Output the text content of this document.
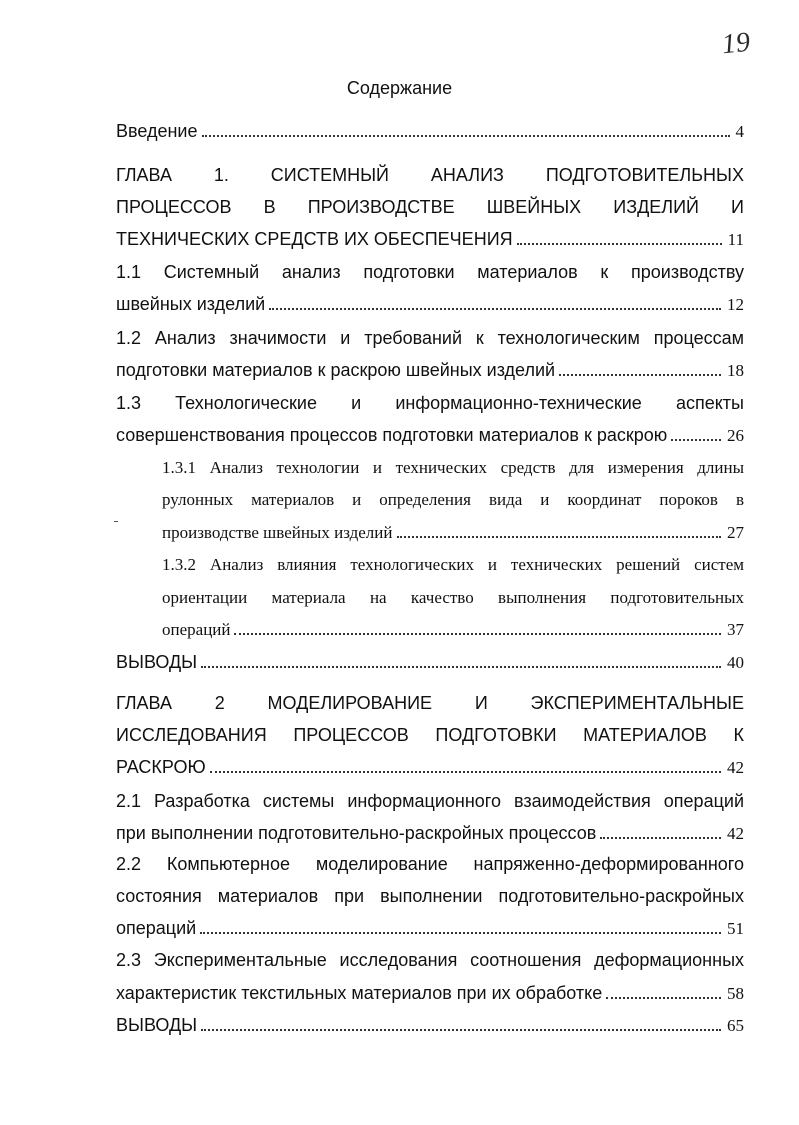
19
Содержание
Введение	4
ГЛАВА 1. СИСТЕМНЫЙ АНАЛИЗ ПОДГОТОВИТЕЛЬНЫХ
ПРОЦЕССОВ В ПРОИЗВОДСТВЕ ШВЕЙНЫХ ИЗДЕЛИЙ И
ТЕХНИЧЕСКИХ СРЕДСТВ ИХ ОБЕСПЕЧЕНИЯ	11
1.1 Системный анализ подготовки материалов к производству
швейных изделий	12
1.2 Анализ значимости и требований к технологическим процессам
подготовки материалов к раскрою швейных изделий	18
1.3 Технологические и информационно-технические аспекты
совершенствования процессов подготовки материалов к раскрою	26
1.3.1 Анализ технологии и технических средств для измерения длины
рулонных материалов и определения вида и координат пороков в
производстве швейных изделий	27
1.3.2 Анализ влияния технологических и технических решений систем
ориентации материала на качество выполнения подготовительных
операций	37
ВЫВОДЫ	40
ГЛАВА 2 МОДЕЛИРОВАНИЕ И ЭКСПЕРИМЕНТАЛЬНЫЕ
ИССЛЕДОВАНИЯ ПРОЦЕССОВ ПОДГОТОВКИ МАТЕРИАЛОВ К
РАСКРОЮ	42
2.1 Разработка системы информационного взаимодействия операций
при выполнении подготовительно-раскройных процессов	42
2.2 Компьютерное моделирование напряженно-деформированного
состояния материалов при выполнении подготовительно-раскройных
операций	51
2.3 Экспериментальные исследования соотношения деформационных
характеристик текстильных материалов при их обработке	58
ВЫВОДЫ	65
